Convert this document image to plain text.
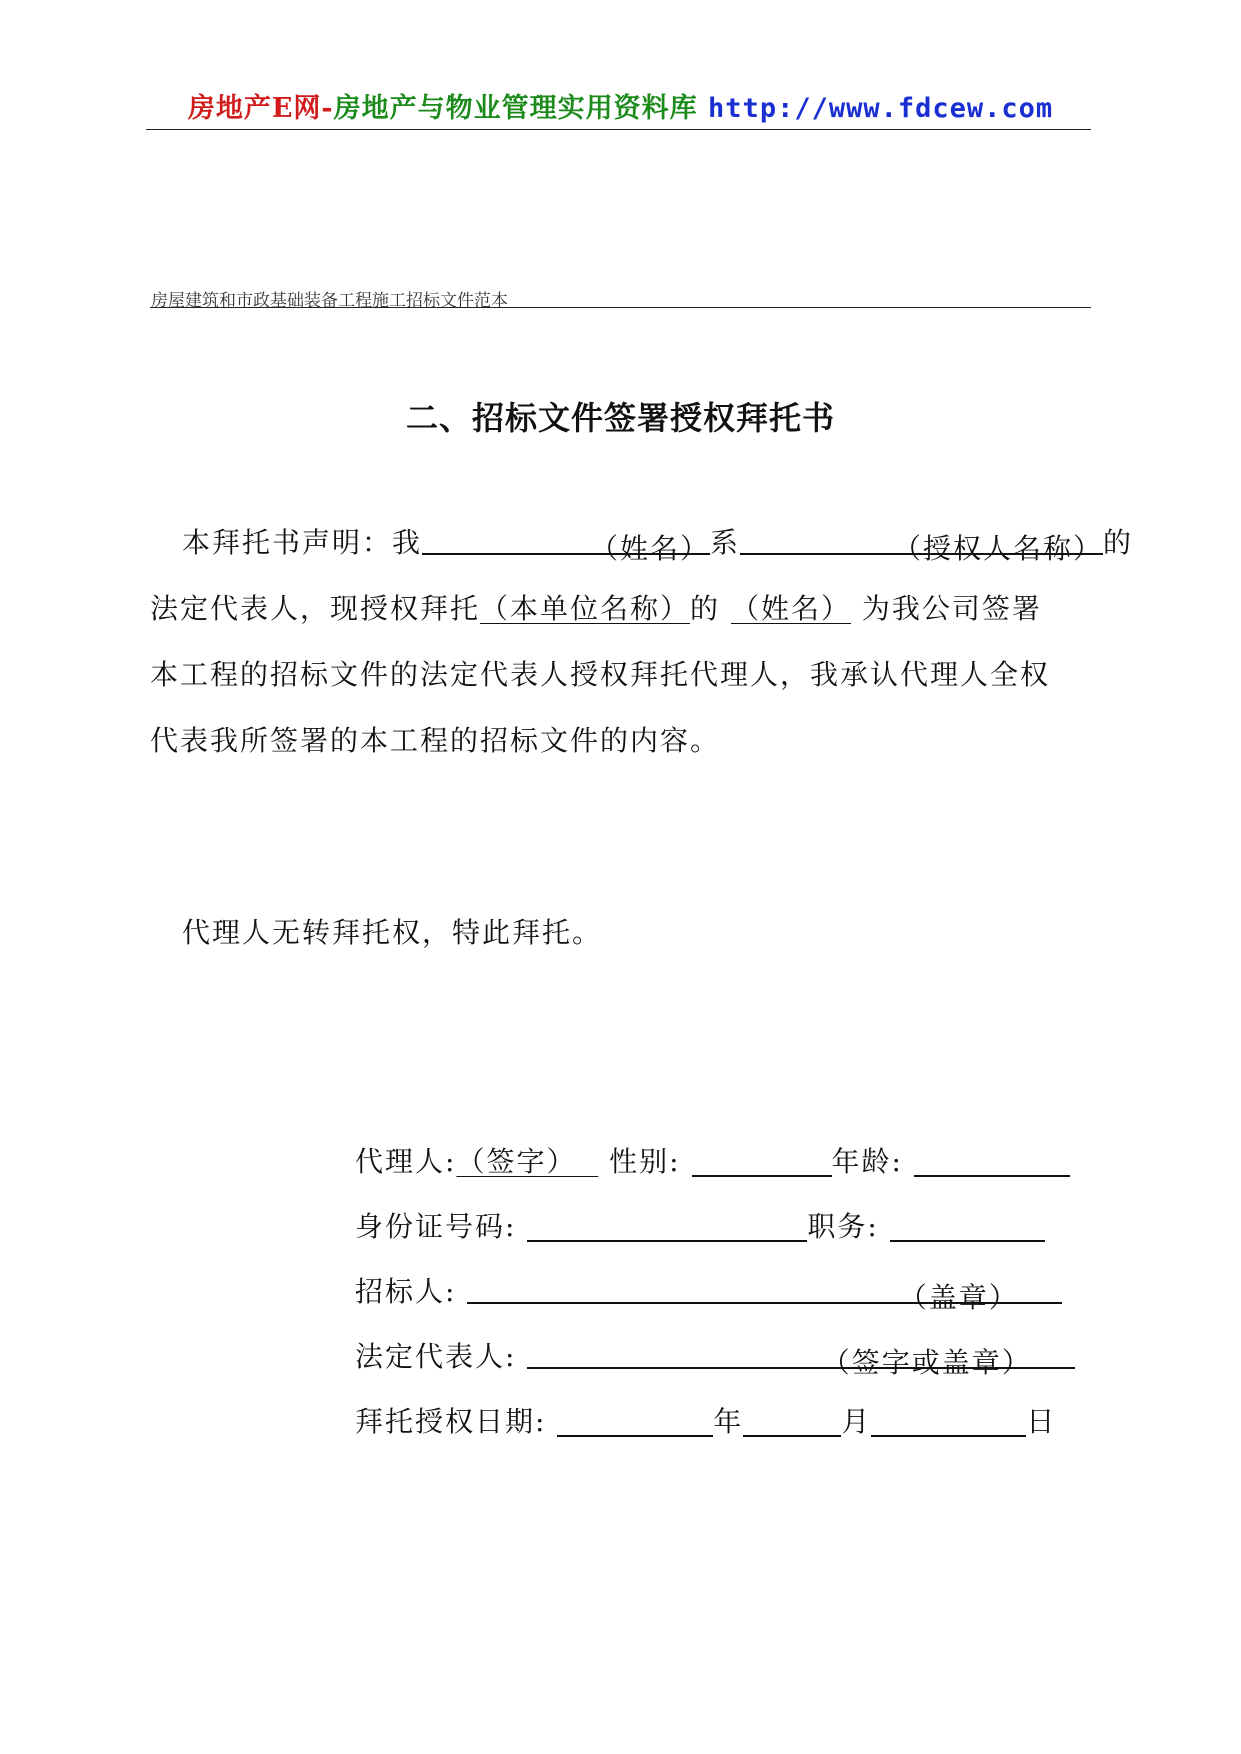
房地产E网-房地产与物业管理实用资料库 http://www.fdcew.com
房屋建筑和市政基础装备工程施工招标文件范本
二、招标文件签署授权拜托书
本拜托书声明：我	（姓名）系	（授权人名称）的
法定代表人，现授权拜托（本单位名称）的 （姓名） 为我公司签署
本工程的招标文件的法定代表人授权拜托代理人，我承认代理人全权
代表我所签署的本工程的招标文件的内容。
代理人无转拜托权，特此拜托。
代理人:（签字） 性别:	年龄:
身份证号码:	职务:
招标人:	（盖章）
法定代表人:	（签字或盖章）
拜托授权日期:	年	月	日
